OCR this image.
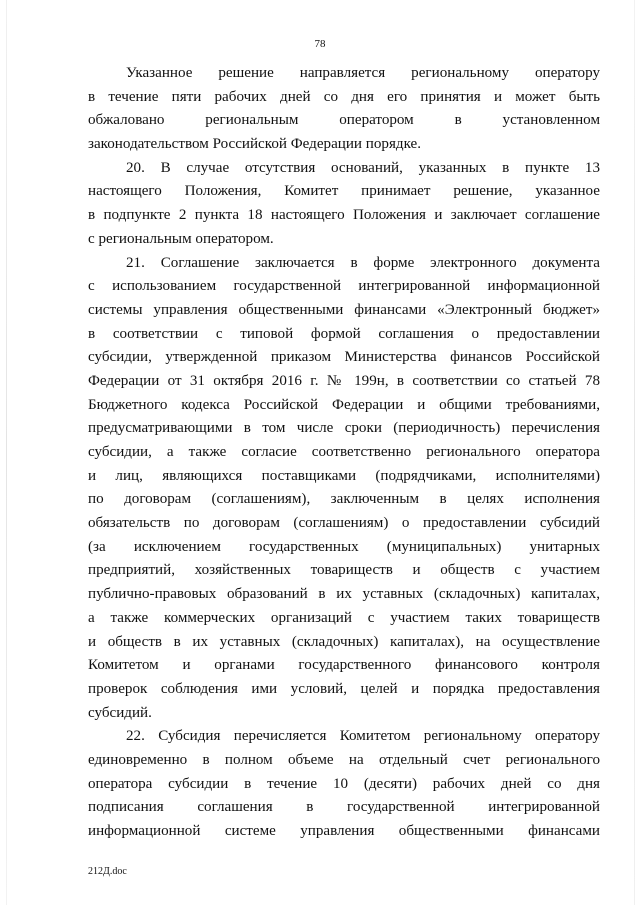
78
Указанное решение направляется региональному оператору
в течение пяти рабочих дней со дня его принятия и может быть
обжаловано региональным оператором в установленном
законодательством Российской Федерации порядке.
20. В случае отсутствия оснований, указанных в пункте 13
настоящего Положения, Комитет принимает решение, указанное
в подпункте 2 пункта 18 настоящего Положения и заключает соглашение
с региональным оператором.
21. Соглашение заключается в форме электронного документа
с использованием государственной интегрированной информационной
системы управления общественными финансами «Электронный бюджет»
в соответствии с типовой формой соглашения о предоставлении
субсидии, утвержденной приказом Министерства финансов Российской
Федерации от 31 октября 2016 г. № 199н, в соответствии со статьей 78
Бюджетного кодекса Российской Федерации и общими требованиями,
предусматривающими в том числе сроки (периодичность) перечисления
субсидии, а также согласие соответственно регионального оператора
и лиц, являющихся поставщиками (подрядчиками, исполнителями)
по договорам (соглашениям), заключенным в целях исполнения
обязательств по договорам (соглашениям) о предоставлении субсидий
(за исключением государственных (муниципальных) унитарных
предприятий, хозяйственных товариществ и обществ с участием
публично-правовых образований в их уставных (складочных) капиталах,
а также коммерческих организаций с участием таких товариществ
и обществ в их уставных (складочных) капиталах), на осуществление
Комитетом и органами государственного финансового контроля
проверок соблюдения ими условий, целей и порядка предоставления
субсидий.
22. Субсидия перечисляется Комитетом региональному оператору
единовременно в полном объеме на отдельный счет регионального
оператора субсидии в течение 10 (десяти) рабочих дней со дня
подписания соглашения в государственной интегрированной
информационной системе управления общественными финансами
212Д.doc
